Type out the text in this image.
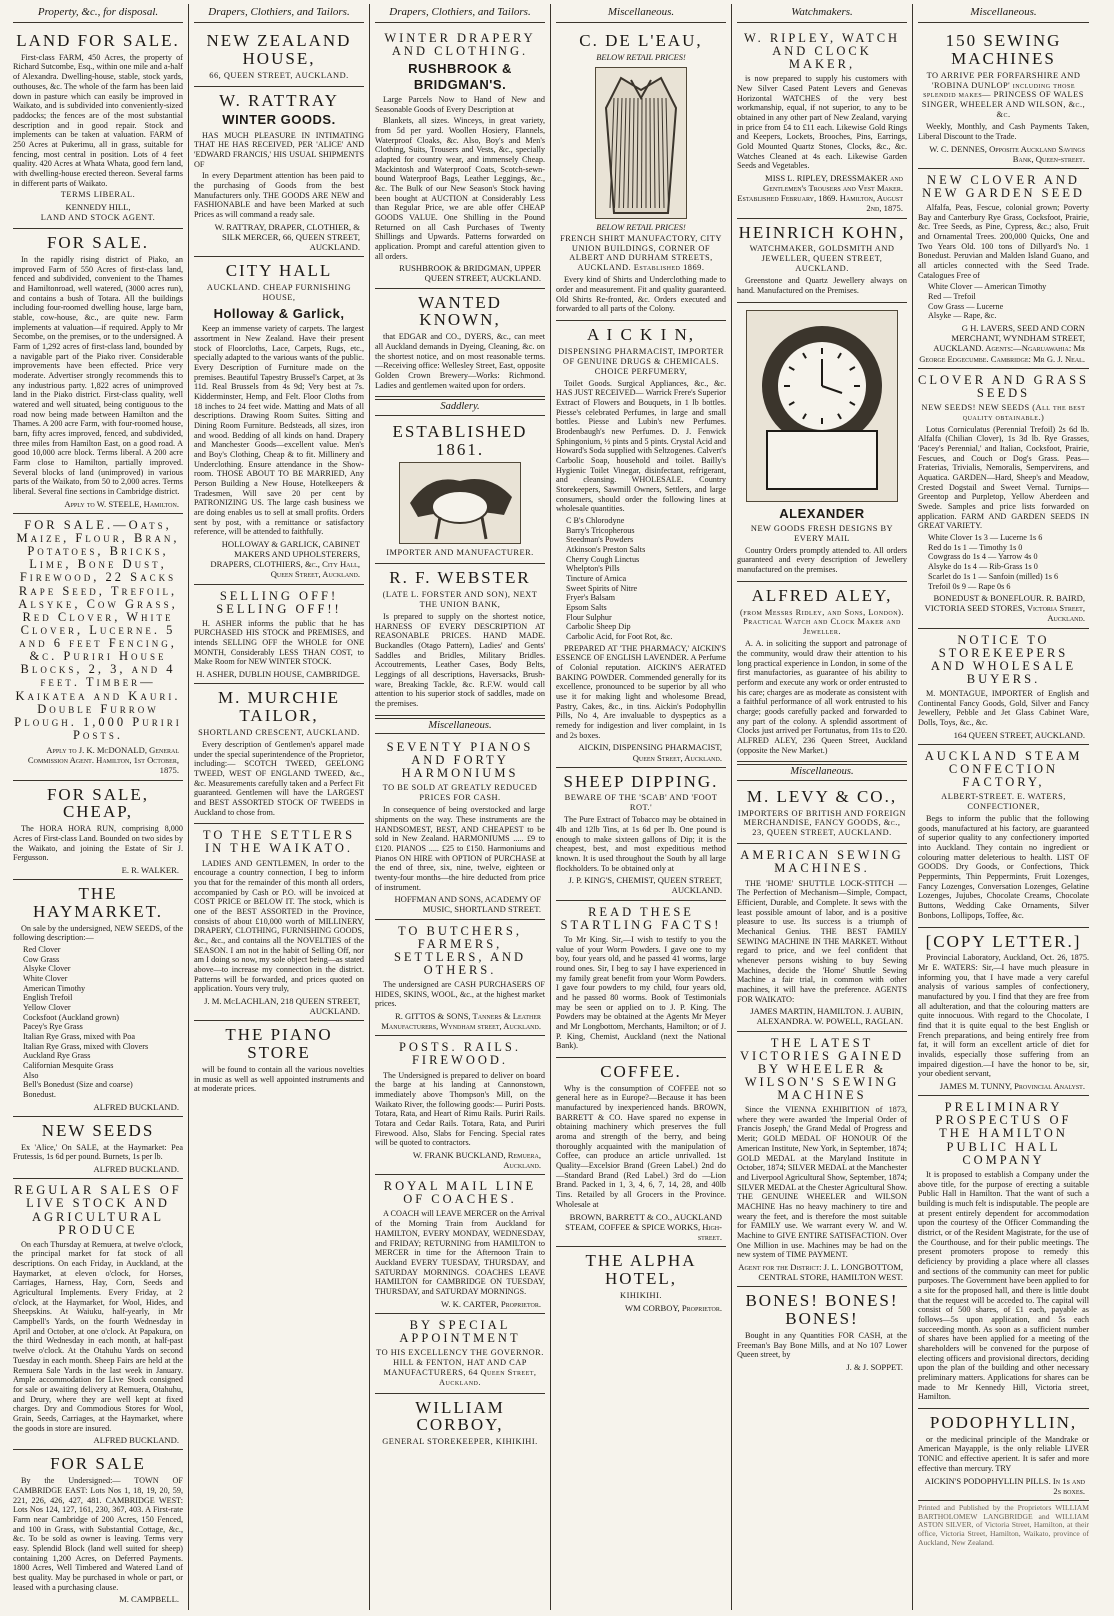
Property, &c., for disposal.
LAND FOR SALE.
First-class FARM, 450 Acres, the property of Richard Sutcombe, Esq., within one mile and a-half of Alexandra. Dwelling-house, stable, stock yards, outhouses, &c. The whole of the farm has been laid down in pasture which can easily be improved in Waikato, and is subdivided into conveniently-sized paddocks; the fences are of the most substantial description and in good repair. Stock and implements can be taken at valuation. FARM of 250 Acres at Pukerimu, all in grass, suitable for fencing, most central in position. Lots of 4 feet quality. 420 Acres at Whata Whata, good fern land, with dwelling-house erected thereon. Several farms in different parts of Waikato.
TERMS LIBERAL.
KENNEDY HILL,
LAND AND STOCK AGENT.
FOR SALE.
In the rapidly rising district of Piako, an improved Farm of 550 Acres of first-class land, fenced and subdivided, convenient to the Thames and Hamiltonroad, well watered, (3000 acres run), and contains a bush of Totara. All the buildings including four-roomed dwelling house, large barn, stable, cow-house, &c., are quite new. Farm implements at valuation—if required. Apply to Mr Secombe, on the premises, or to the undersigned. A Farm of 1,292 acres of first-class land, bounded by a navigable part of the Piako river. Considerable improvements have been effected. Price very moderate. Advertiser strongly recommends this to any industrious party. 1,822 acres of unimproved land in the Piako district. First-class quality, well watered and well situated, being contiguous to the road now being made between Hamilton and the Thames. A 200 acre Farm, with four-roomed house, barn, fifty acres improved, fenced, and subdivided, three miles from Hamilton East, on a good road. A good 10,000 acre block. Terms liberal. A 200 acre Farm close to Hamilton, partially improved. Several blocks of land (unimproved) in various parts of the Waikato, from 50 to 2,000 acres. Terms liberal. Several fine sections in Cambridge district.
Apply to W. STEELE, Hamilton.
FOR SALE.—Oats, Maize, Flour, Bran, Potatoes, Bricks, Lime, Bone Dust, Firewood, 22 Sacks Rape Seed, Trefoil, Alsyke, Cow Grass, Red Clover, White Clover, Lucerne. 5 and 6 feet Fencing, &c. Puriri House Blocks, 2, 3, and 4 feet. Timber—Kaikatea and Kauri. Double Furrow Plough. 1,000 Puriri Posts.
Apply to J. K. McDONALD, General Commission Agent. Hamilton, 1st October, 1875.
FOR SALE, CHEAP,
The HORA HORA RUN, comprising 8,000 Acres of First-class Land. Bounded on two sides by the Waikato, and joining the Estate of Sir J. Fergusson.
E. R. WALKER.
THE HAYMARKET.
On sale by the undersigned, NEW SEEDS, of the following description:—
Red Clover
Cow Grass
Alsyke Clover
White Clover
American Timothy
English Trefoil
Yellow Clover
Cocksfoot (Auckland grown)
Pacey's Rye Grass
Italian Rye Grass, mixed with Poa
Italian Rye Grass, mixed with Clovers
Auckland Rye Grass
Californian Mesquite Grass
Also
Bell's Bonedust (Size and coarse)
Bonedust.
ALFRED BUCKLAND.
NEW SEEDS
Ex 'Alice,' On SALE, at the Haymarket: Pea Frutessis, 1s 6d per pound. Burnets, 1s per lb.
ALFRED BUCKLAND.
REGULAR SALES OF LIVE STOCK AND AGRICULTURAL PRODUCE
On each Thursday at Remuera, at twelve o'clock, the principal market for fat stock of all descriptions. On each Friday, in Auckland, at the Haymarket, at eleven o'clock, for Horses, Carriages, Harness, Hay, Corn, Seeds and Agricultural Implements. Every Friday, at 2 o'clock, at the Haymarket, for Wool, Hides, and Sheepskins. At Waiuku, half-yearly, in Mr Campbell's Yards, on the fourth Wednesday in April and October, at one o'clock. At Papakura, on the third Wednesday in each month, at half-past twelve o'clock. At the Otahuhu Yards on second Tuesday in each month. Sheep Fairs are held at the Remuera Sale Yards in the last week in January. Ample accommodation for Live Stock consigned for sale or awaiting delivery at Remuera, Otahuhu, and Drury, where they are well kept at fixed charges. Dry and Commodious Stores for Wool, Grain, Seeds, Carriages, at the Haymarket, where the goods in store are insured.
ALFRED BUCKLAND.
FOR SALE
By the Undersigned:— TOWN OF CAMBRIDGE EAST: Lots Nos 1, 18, 19, 20, 59, 221, 226, 426, 427, 481. CAMBRIDGE WEST: Lots Nos 124, 127, 161, 230, 367, 403. A First-rate Farm near Cambridge of 200 Acres, 150 Fenced, and 100 in Grass, with Substantial Cottage, &c., &c. To be sold as owner is leaving. Terms very easy. Splendid Block (land well suited for sheep) containing 1,200 Acres, on Deferred Payments. 1800 Acres, Well Timbered and Watered Land of best quality. May be purchased in whole or part, or leased with a purchasing clause.
M. CAMPBELL.
Drapers, Clothiers, and Tailors.
NEW ZEALAND HOUSE,
66, QUEEN STREET, AUCKLAND.
W. RATTRAY
WINTER GOODS.
HAS MUCH PLEASURE IN INTIMATING THAT HE HAS RECEIVED, PER 'ALICE' AND 'EDWARD FRANCIS,' HIS USUAL SHIPMENTS OF
In every Department attention has been paid to the purchasing of Goods from the best Manufacturers only. THE GOODS ARE NEW and FASHIONABLE and have been Marked at such Prices as will command a ready sale.
W. RATTRAY, DRAPER, CLOTHIER, & SILK MERCER, 66, QUEEN STREET, AUCKLAND.
CITY HALL
AUCKLAND. CHEAP FURNISHING HOUSE,
Holloway & Garlick,
Keep an immense variety of carpets. The largest assortment in New Zealand. Have their present stock of Floorcloths, Lace, Carpets, Rugs, etc., specially adapted to the various wants of the public. Every Description of Furniture made on the premises. Beautiful Tapestry Brussel's Carpet, at 3s 11d. Real Brussels from 4s 9d; Very best at 7s. Kidderminster, Hemp, and Felt. Floor Cloths from 18 inches to 24 feet wide. Matting and Mats of all descriptions. Drawing Room Suites. Sitting and Dining Room Furniture. Bedsteads, all sizes, iron and wood. Bedding of all kinds on hand. Drapery and Manchester Goods—excellent value. Men's and Boy's Clothing, Cheap & to fit. Millinery and Underclothing. Ensure attendance in the Show-room. THOSE ABOUT TO BE MARRIED, Any Person Building a New House, Hotelkeepers & Tradesmen, Will save 20 per cent by PATRONIZING US. The large cash business we are doing enables us to sell at small profits. Orders sent by post, with a remittance or satisfactory reference, will be attended to faithfully.
HOLLOWAY & GARLICK, CABINET MAKERS AND UPHOLSTERERS, DRAPERS, CLOTHIERS, &c., City Hall, Queen Street, Auckland.
SELLING OFF! SELLING OFF!!
H. ASHER informs the public that he has PURCHASED HIS STOCK and PREMISES, and intends SELLING OFF the WHOLE for ONE MONTH, Considerably LESS THAN COST, to Make Room for NEW WINTER STOCK.
H. ASHER, DUBLIN HOUSE, CAMBRIDGE.
M. MURCHIE TAILOR,
SHORTLAND CRESCENT, AUCKLAND.
Every description of Gentlemen's apparel made under the special superintendence of the Proprietor, including:— SCOTCH TWEED, GEELONG TWEED, WEST OF ENGLAND TWEED, &c., &c. Measurements carefully taken and a Perfect Fit guaranteed. Gentlemen will have the LARGEST and BEST ASSORTED STOCK OF TWEEDS in Auckland to chose from.
TO THE SETTLERS IN THE WAIKATO.
LADIES AND GENTLEMEN, In order to the encourage a country connection, I beg to inform you that for the remainder of this month all orders, accompanied by Cash or P.O. will be invoiced at COST PRICE or BELOW IT. The stock, which is one of the BEST ASSORTED in the Province, consists of about £10,000 worth of MILLINERY, DRAPERY, CLOTHING, FURNISHING GOODS, &c., &c., and contains all the NOVELTIES of the SEASON. I am not in the habit of Selling Off, nor am I doing so now, my sole object being—as stated above—to increase my connection in the district. Patterns will be forwarded, and prices quoted on application. Yours very truly,
J. M. McLACHLAN, 218 QUEEN STREET, AUCKLAND.
THE PIANO STORE
will be found to contain all the various novelties in music as well as well appointed instruments and at moderate prices.
Drapers, Clothiers, and Tailors.
WINTER DRAPERY AND CLOTHING.
RUSHBROOK & BRIDGMAN'S.
Large Parcels Now to Hand of New and Seasonable Goods of Every Description at
Blankets, all sizes. Winceys, in great variety, from 5d per yard. Woollen Hosiery, Flannels, Waterproof Cloaks, &c. Also, Boy's and Men's Clothing, Suits, Trousers and Vests, &c., specially adapted for country wear, and immensely Cheap. Mackintosh and Waterproof Coats, Scotch-sewn-bound Waterproof Bags, Leather Leggings, &c., &c. The Bulk of our New Season's Stock having been bought at AUCTION at Considerably Less than Regular Price, we are able offer CHEAP GOODS VALUE. One Shilling in the Pound Returned on all Cash Purchases of Twenty Shillings and Upwards. Patterns forwarded on application. Prompt and careful attention given to all orders.
RUSHBROOK & BRIDGMAN, UPPER QUEEN STREET, AUCKLAND.
WANTED KNOWN,
that EDGAR and CO., DYERS, &c., can meet all Auckland demands in Dyeing, Cleaning, &c. on the shortest notice, and on most reasonable terms.—Receiving office: Wellesley Street, East, opposite Golden Crown Brewery—Works: Richmond. Ladies and gentlemen waited upon for orders.
Saddlery.
ESTABLISHED 1861.
IMPORTER AND MANUFACTURER.
R. F. WEBSTER
(LATE L. FORSTER AND SON), NEXT THE UNION BANK,
Is prepared to supply on the shortest notice, HARNESS OF EVERY DESCRIPTION AT REASONABLE PRICES. HAND MADE. Buckandles (Otago Pattern), Ladies' and Gents' Saddles and Bridles, Military Bridles. Accoutrements, Leather Cases, Body Belts, Leggings of all descriptions, Haversacks, Brush-ware, Breaking Tackle, &c. R.F.W. would call attention to his superior stock of saddles, made on the premises.
Miscellaneous.
SEVENTY PIANOS AND FORTY HARMONIUMS
TO BE SOLD AT GREATLY REDUCED PRICES FOR CASH.
In consequence of being overstocked and large shipments on the way. These instruments are the HANDSOMEST, BEST, AND CHEAPEST to be sold in New Zealand. HARMONIUMS ..... £9 to £120. PIANOS ..... £25 to £150. Harmoniums and Pianos ON HIRE with OPTION of PURCHASE at the end of three, six, nine, twelve, eighteen or twenty-four months—the hire deducted from price of instrument.
HOFFMAN AND SONS, ACADEMY OF MUSIC, SHORTLAND STREET.
TO BUTCHERS, FARMERS, SETTLERS, AND OTHERS.
The undersigned are CASH PURCHASERS OF HIDES, SKINS, WOOL, &c., at the highest market prices.
R. GITTOS & SONS, Tanners & Leather Manufacturers, Wyndham street, Auckland.
POSTS. RAILS. FIREWOOD.
The Undersigned is prepared to deliver on board the barge at his landing at Cannonstown, immediately above Thompson's Mill, on the Waikato River, the following goods:— Puriri Posts. Totara, Rata, and Heart of Rimu Rails. Puriri Rails. Totara and Cedar Rails. Totara, Rata, and Puriri Firewood. Also, Slabs for Fencing. Special rates will be quoted to contractors.
W. FRANK BUCKLAND, Remuera, Auckland.
ROYAL MAIL LINE OF COACHES.
A COACH will LEAVE MERCER on the Arrival of the Morning Train from Auckland for HAMILTON, EVERY MONDAY, WEDNESDAY, and FRIDAY; RETURNING from HAMILTON to MERCER in time for the Afternoon Train to Auckland EVERY TUESDAY, THURSDAY, and SATURDAY MORNINGS. COACHES LEAVE HAMILTON for CAMBRIDGE ON TUESDAY, THURSDAY, and SATURDAY MORNINGS.
W. K. CARTER, Proprietor.
BY SPECIAL APPOINTMENT
TO HIS EXCELLENCY THE GOVERNOR. HILL & FENTON, HAT AND CAP MANUFACTURERS, 64 Queen Street, Auckland.
WILLIAM CORBOY,
GENERAL STOREKEEPER, KIHIKIHI.
Miscellaneous.
C. DE L'EAU,
BELOW RETAIL PRICES!
BELOW RETAIL PRICES!
FRENCH SHIRT MANUFACTORY, CITY UNION BUILDINGS, CORNER OF ALBERT AND DURHAM STREETS, AUCKLAND. Established 1869.
Every kind of Shirts and Underclothing made to order and measurement. Fit and quality guaranteed. Old Shirts Re-fronted, &c. Orders executed and forwarded to all parts of the Colony.
A I C K I N,
DISPENSING PHARMACIST, IMPORTER OF GENUINE DRUGS & CHEMICALS. CHOICE PERFUMERY,
Toilet Goods. Surgical Appliances, &c., &c. HAS JUST RECEIVED— Warrick Frere's Superior Extract of Flowers and Bouquets, in 1 lb bottles. Piesse's celebrated Perfumes, in large and small bottles. Piesse and Lubin's new Perfumes. Brodenbaugh's new Perfumes. D. J. Fenwick Sphingonium, ½ pints and 5 pints. Crystal Acid and Howard's Soda supplied with Seltzogenes. Calvert's Carbolic Soap, household and toilet. Bailly's Hygienic Toilet Vinegar, disinfectant, refrigerant, and cleansing. WHOLESALE. Country Storekeepers, Sawmill Owners, Settlers, and large consumers, should order the following lines at wholesale quantities.
C B's Chlorodyne
Barry's Tricopherous
Steedman's Powders
Atkinson's Preston Salts
Cherry Cough Linctus
Whelpton's Pills
Tincture of Arnica
Sweet Spirits of Nitre
Fryer's Balsam
Epsom Salts
Flour Sulphur
Carbolic Sheep Dip
Carbolic Acid, for Foot Rot, &c.
PREPARED AT 'THE PHARMACY,' AICKIN'S ESSENCE OF ENGLISH LAVENDER. A Perfume of Colonial reputation. AICKIN'S AERATED BAKING POWDER. Commended generally for its excellence, pronounced to be superior by all who use it for making light and wholesome Bread, Pastry, Cakes, &c., in tins. Aickin's Podophyllin Pills, No 4, Are invaluable to dyspeptics as a remedy for indigestion and liver complaint, in 1s and 2s boxes.
AICKIN, DISPENSING PHARMACIST, Queen Street, Auckland.
SHEEP DIPPING.
BEWARE OF THE 'SCAB' AND 'FOOT ROT.'
The Pure Extract of Tobacco may be obtained in 4lb and 12lb Tins, at 1s 6d per lb. One pound is enough to make sixteen gallons of Dip; it is the cheapest, best, and most expeditious method known. It is used throughout the South by all large flockholders. To be obtained only at
J. P. KING'S, CHEMIST, QUEEN STREET, AUCKLAND.
READ THESE STARTLING FACTS!
To Mr King. Sir,—I wish to testify to you the value of your Worm Powders. I gave one to my boy, four years old, and he passed 41 worms, large round ones. Sir, I beg to say I have experienced in my family great benefit from your Worm Powders. I gave four powders to my child, four years old, and he passed 80 worms. Book of Testimonials may be seen or applied on to J. P. King. The Powders may be obtained at the Agents Mr Meyer and Mr Longbottom, Merchants, Hamilton; or of J. P. King, Chemist, Auckland (next the National Bank).
COFFEE.
Why is the consumption of COFFEE not so general here as in Europe?—Because it has been manufactured by inexperienced hands. BROWN, BARRETT & CO. Have spared no expense in obtaining machinery which preserves the full aroma and strength of the berry, and being thoroughly acquainted with the manipulation of Coffee, can produce an article unrivalled. 1st Quality—Excelsior Brand (Green Label.) 2nd do —Standard Brand (Red Label.) 3rd do —Lion Brand. Packed in 1, 3, 4, 6, 7, 14, 28, and 40lb Tins. Retailed by all Grocers in the Province. Wholesale at
BROWN, BARRETT & CO., AUCKLAND STEAM, COFFEE & SPICE WORKS, High-street.
THE ALPHA HOTEL,
KIHIKIHI.
WM CORBOY, Proprietor.
Watchmakers.
W. RIPLEY, WATCH AND CLOCK MAKER,
is now prepared to supply his customers with New Silver Cased Patent Levers and Genevas Horizontal WATCHES of the very best workmanship, equal, if not superior, to any to be obtained in any other part of New Zealand, varying in price from £4 to £11 each. Likewise Gold Rings and Keepers, Lockets, Brooches, Pins, Earrings, Gold Mounted Quartz Stones, Clocks, &c., &c. Watches Cleaned at 4s each. Likewise Garden Seeds and Vegetables.
MISS L. RIPLEY, DRESSMAKER and Gentlemen's Trousers and Vest Maker. Established February, 1869. Hamilton, August 2nd, 1875.
HEINRICH KOHN,
WATCHMAKER, GOLDSMITH AND JEWELLER, QUEEN STREET, AUCKLAND.
Greenstone and Quartz Jewellery always on hand. Manufactured on the Premises.
ALEXANDER
NEW GOODS FRESH DESIGNS BY EVERY MAIL
Country Orders promptly attended to. All orders guaranteed and every description of Jewellery manufactured on the premises.
ALFRED ALEY,
(from Messrs Ridley, and Sons, London). Practical Watch and Clock Maker and Jeweller.
A. A. in soliciting the support and patronage of the community, would draw their attention to his long practical experience in London, in some of the first manufactories, as guarantee of his ability to perform and execute any work or order entrusted to his care; charges are as moderate as consistent with a faithful performance of all work entrusted to his charge; goods carefully packed and forwarded to any part of the colony. A splendid assortment of Clocks just arrived per Fortunatus, from 11s to £20. ALFRED ALEY, 236 Queen Street, Auckland (opposite the New Market.)
Miscellaneous.
M. LEVY & CO.,
IMPORTERS OF BRITISH AND FOREIGN MERCHANDISE, FANCY GOODS, &c., 23, QUEEN STREET, AUCKLAND.
AMERICAN SEWING MACHINES.
THE 'HOME' SHUTTLE LOCK-STITCH —The Perfection of Mechanism—Simple, Compact, Efficient, Durable, and Complete. It sews with the least possible amount of labor, and is a positive pleasure to use. Its success is a triumph of Mechanical Genius. THE BEST FAMILY SEWING MACHINE IN THE MARKET. Without regard to price, and we feel confident that whenever persons wishing to buy Sewing Machines, decide the 'Home' Shuttle Sewing Machine a fair trial, in common with other machines, it will have the preference. AGENTS FOR WAIKATO:
JAMES MARTIN, HAMILTON. J. AUBIN, ALEXANDRA. W. POWELL, RAGLAN.
THE LATEST VICTORIES GAINED BY WHEELER & WILSON'S SEWING MACHINES
Since the VIENNA EXHIBITION of 1873, where they were awarded 'the Imperial Order of Francis Joseph,' the Grand Medal of Progress and Merit; GOLD MEDAL OF HONOUR Of the American Institute, New York, in September, 1874; GOLD MEDAL at the Maryland Institute in October, 1874; SILVER MEDAL at the Manchester and Liverpool Agricultural Show, September, 1874; SILVER MEDAL at the Chester Agricultural Show. THE GENUINE WHEELER and WILSON MACHINE Has no heavy machinery to tire and weary the feet, and is therefore the most suitable for FAMILY use. We warrant every W. and W. Machine to GIVE ENTIRE SATISFACTION. Over One Million in use. Machines may be had on the new system of TIME PAYMENT.
Agent for the District: J. L. LONGBOTTOM, CENTRAL STORE, HAMILTON WEST.
BONES! BONES! BONES!
Bought in any Quantities FOR CASH, at the Freeman's Bay Bone Mills, and at No 107 Lower Queen street, by
J. & J. SOPPET.
Miscellaneous.
150 SEWING MACHINES
TO ARRIVE PER FORFARSHIRE AND 'ROBINA DUNLOP' including those splendid makes— PRINCESS OF WALES SINGER, WHEELER AND WILSON, &c., &c.
Weekly, Monthly, and Cash Payments Taken, Liberal Discount to the Trade.
W. C. DENNES, Opposite Auckland Savings Bank, Queen-street.
NEW CLOVER AND NEW GARDEN SEED
Alfalfa, Peas, Fescue, colonial grown; Poverty Bay and Canterbury Rye Grass, Cocksfoot, Prairie, &c. Tree Seeds, as Pine, Cypress, &c.; also, Fruit and Ornamental Trees. 200,000 Quicks, One and Two Years Old. 100 tons of Dillyard's No. 1 Bonedust. Peruvian and Malden Island Guano, and all articles connected with the Seed Trade. Catalogues Free of
White Clover — American Timothy
Red — Trefoil
Cow Grass — Lucerne
Alsyke — Rape, &c.
G H. LAVERS, SEED AND CORN MERCHANT, WYNDHAM STREET, AUCKLAND. Agents:—Ngaruawahia: Mr George Edgecumbe. Cambridge: Mr G. J. Neal.
CLOVER AND GRASS SEEDS
NEW SEEDS! NEW SEEDS (All the best quality obtainable.)
Lotus Corniculatus (Perennial Trefoil) 2s 6d lb. Alfalfa (Chilian Clover), 1s 3d lb. Rye Grasses, 'Pacey's Perennial,' and Italian, Cocksfoot, Prairie, Fescues, and Couch or Dog's Grass. Peas—Fraterias, Trivialis, Nemoralis, Sempervirens, and Aquatica. GARDEN—Hard, Sheep's and Meadow, Crested Dogstail and Sweet Vernal. Turnips—Greentop and Purpletop, Yellow Aberdeen and Swede. Samples and price lists forwarded on application. FARM AND GARDEN SEEDS IN GREAT VARIETY.
White Clover 1s 3 — Lucerne 1s 6
Red do 1s 1 — Timothy 1s 0
Cowgrass do 1s 4 — Yarrow 4s 0
Alsyke do 1s 4 — Rib-Grass 1s 0
Scarlet do 1s 1 — Sanfoin (milled) 1s 6
Trefoil 0s 9 — Rape 0s 6
BONEDUST & BONEFLOUR. R. BAIRD, VICTORIA SEED STORES, Victoria Street, Auckland.
NOTICE TO STOREKEEPERS AND WHOLESALE BUYERS.
M. MONTAGUE, IMPORTER of English and Continental Fancy Goods, Gold, Silver and Fancy Jewellery, Pebble and Jet Glass Cabinet Ware, Dolls, Toys, &c., &c.
164 QUEEN STREET, AUCKLAND.
AUCKLAND STEAM CONFECTION FACTORY,
ALBERT-STREET. E. WATERS, CONFECTIONER,
Begs to inform the public that the following goods, manufactured at his factory, are guaranteed of superior quality to any confectionery imported into Auckland. They contain no ingredient or colouring matter deleterious to health. LIST OF GOODS. Dry Goods, or Confections, Thick Peppermints, Thin Peppermints, Fruit Lozenges, Fancy Lozenges, Conversation Lozenges, Gelatine Lozenges, Jujubes, Chocolate Creams, Chocolate Buttons, Wedding Cake Ornaments, Silver Bonbons, Lollipops, Toffee, &c.
[COPY LETTER.]
Provincial Laboratory, Auckland, Oct. 26, 1875. Mr E. WATERS: Sir,—I have much pleasure in informing you, that I have made a very careful analysis of various samples of confectionery, manufactured by you. I find that they are free from all adulteration, and that the colouring matters are quite innocuous. With regard to the Chocolate, I find that it is quite equal to the best English or French preparations, and being entirely free from fat, it will form an excellent article of diet for invalids, especially those suffering from an impaired digestion.—I have the honor to be, sir, your obedient servant,
JAMES M. TUNNY, Provincial Analyst.
PRELIMINARY PROSPECTUS OF THE HAMILTON PUBLIC HALL COMPANY
It is proposed to establish a Company under the above title, for the purpose of erecting a suitable Public Hall in Hamilton. That the want of such a building is much felt is indisputable. The people are at present entirely dependent for accommodation upon the courtesy of the Officer Commanding the district, or of the Resident Magistrate, for the use of the Courthouse, and for their public meetings. The present promoters propose to remedy this deficiency by providing a place where all classes and sections of the community can meet for public purposes. The Government have been applied to for a site for the proposed hall, and there is little doubt that the request will be acceded to. The capital will consist of 500 shares, of £1 each, payable as follows—5s upon application, and 5s each succeeding month. As soon as a sufficient number of shares have been applied for a meeting of the shareholders will be convened for the purpose of electing officers and provisional directors, deciding upon the plan of the building and other necessary preliminary matters. Applications for shares can be made to Mr Kennedy Hill, Victoria street, Hamilton.
PODOPHYLLIN,
or the medicinal principle of the Mandrake or American Mayapple, is the only reliable LIVER TONIC and effective aperient. It is safer and more effective than mercury. TRY
AICKIN'S PODOPHYLLIN PILLS. In 1s and 2s boxes.
Printed and Published by the Proprietors WILLIAM BARTHOLOMEW LANGBRIDGE and WILLIAM ASTON SILVER, of Victoria Street, Hamilton, at their office, Victoria Street, Hamilton, Waikato, province of Auckland, New Zealand.
